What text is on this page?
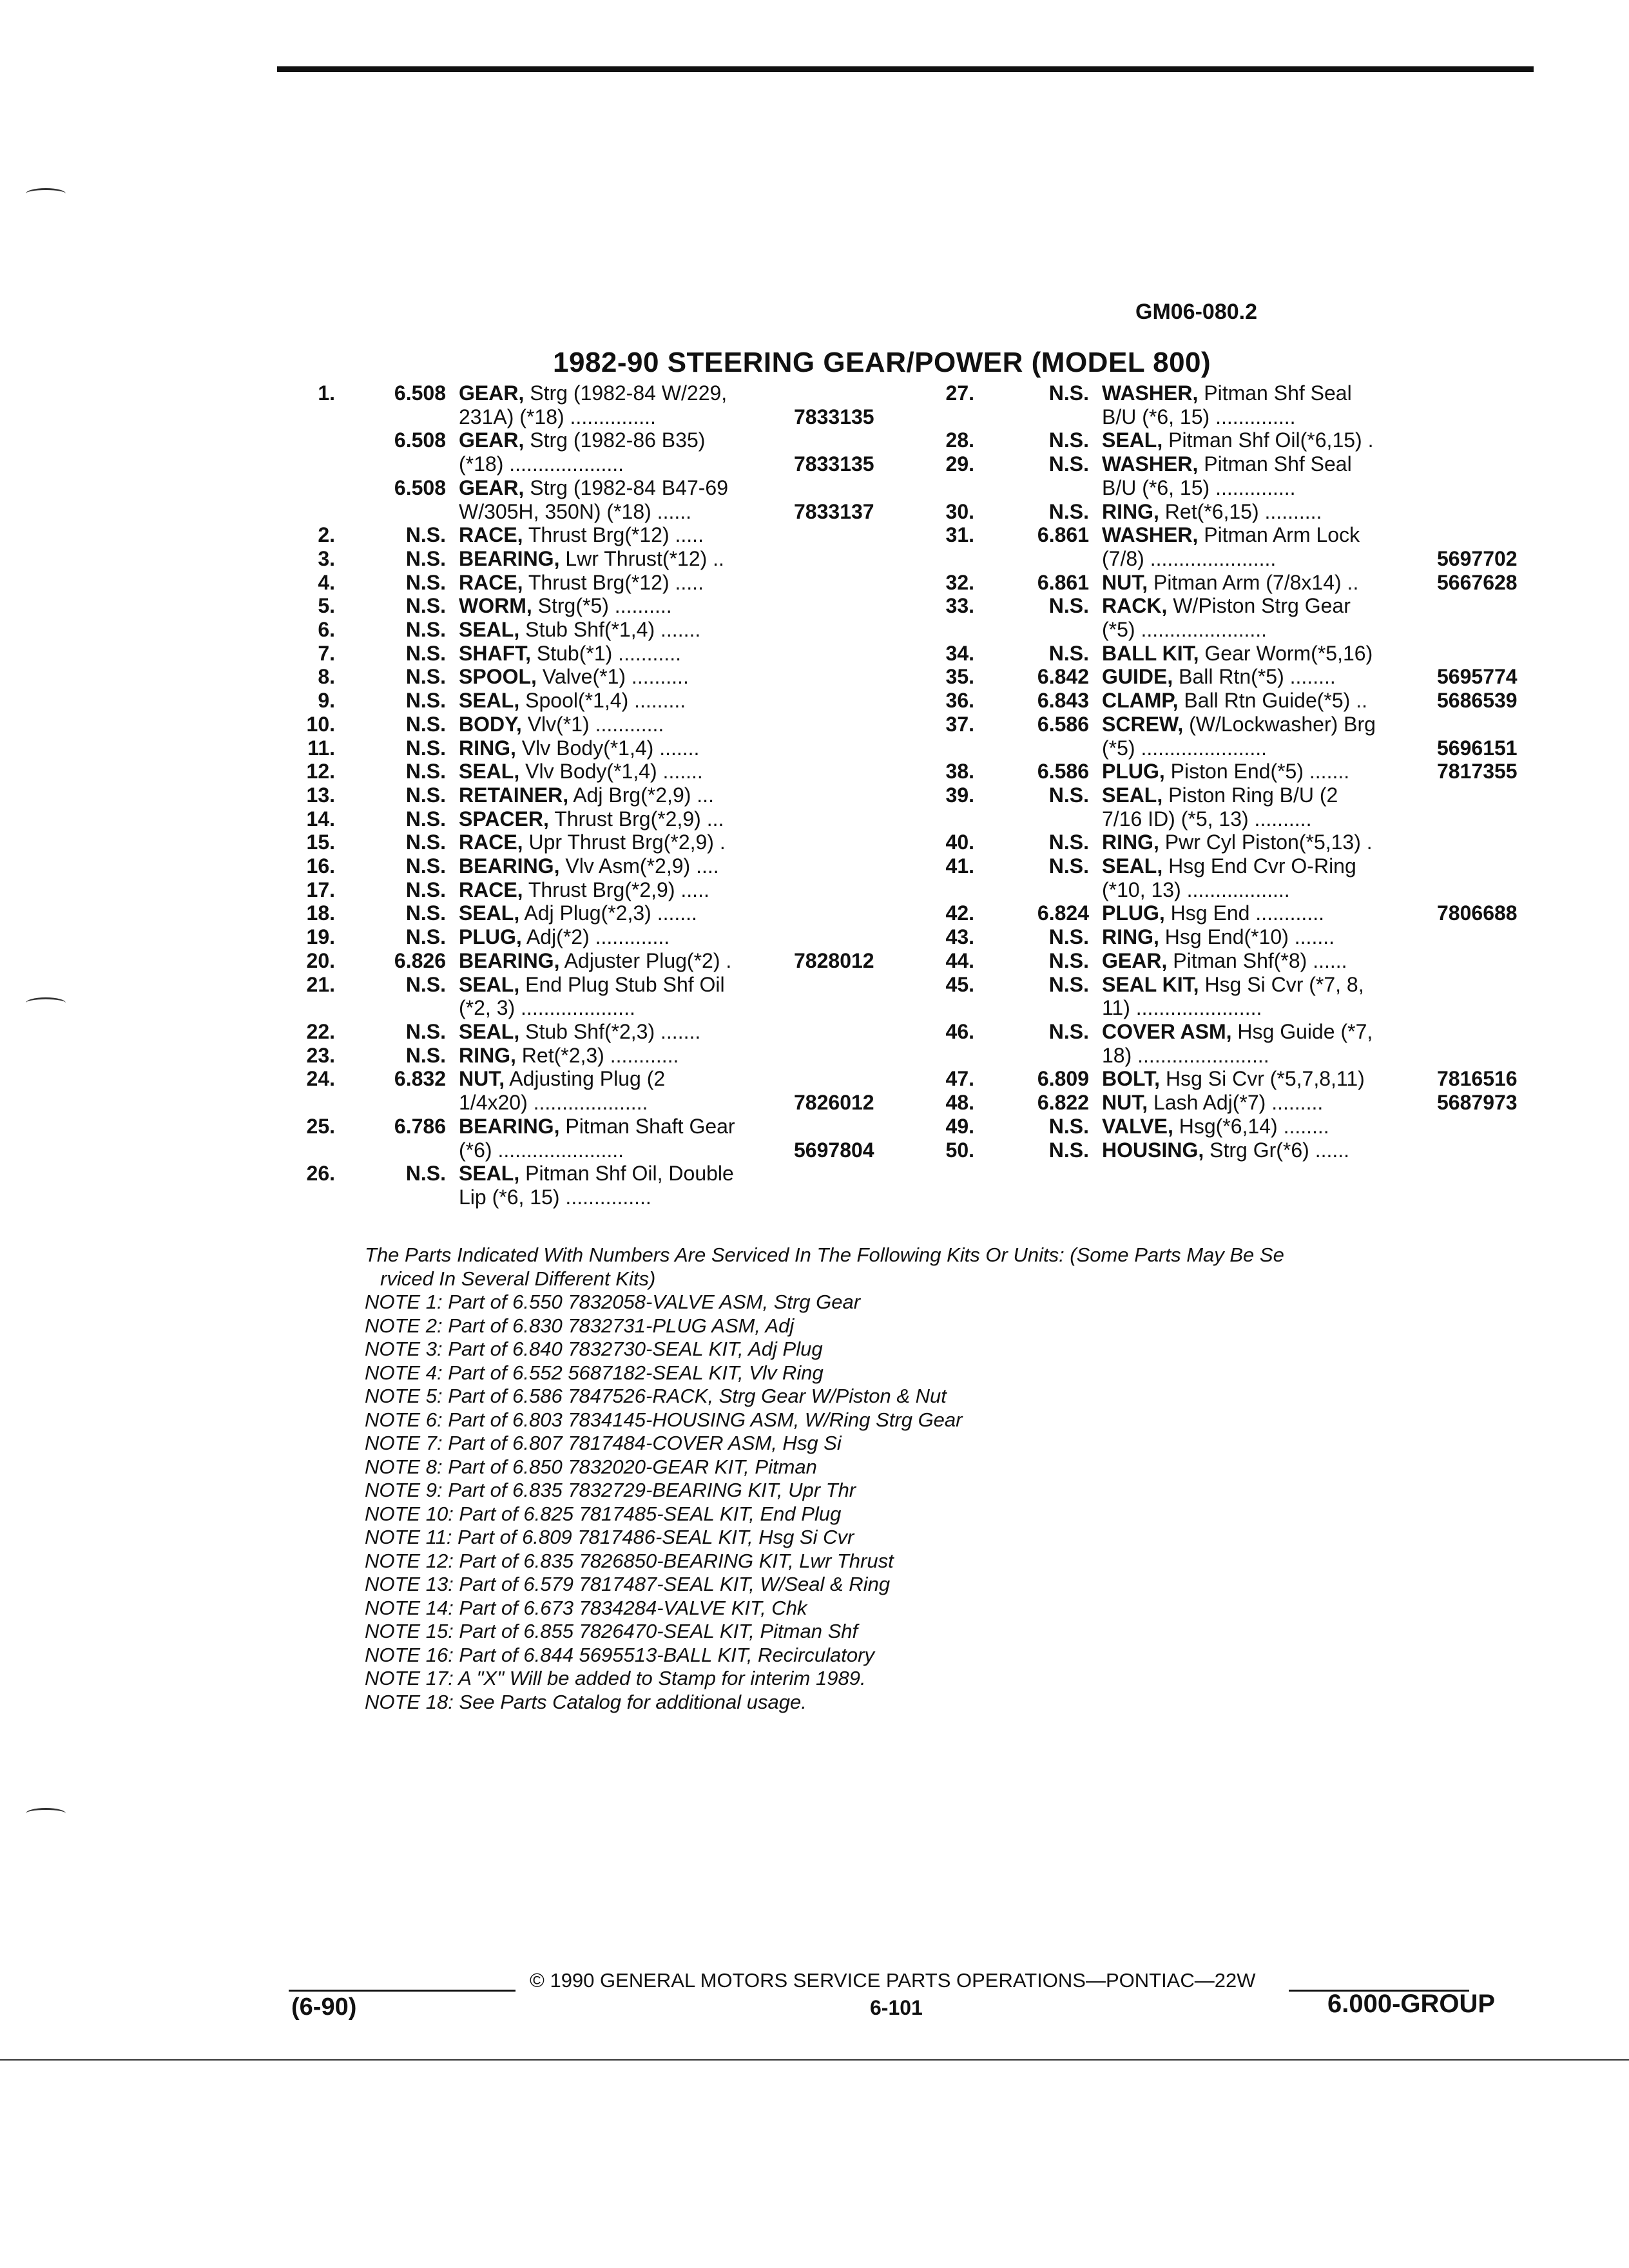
GM06-080.2
1982-90 STEERING GEAR/POWER (MODEL 800)
1.	6.508 GEAR, Strg (1982-84 W/229,
231A) (*18) ...............	7833135
6.508 GEAR, Strg (1982-86 B35)
(*18) ....................	7833135
6.508 GEAR, Strg (1982-84 B47-69
W/305H, 350N) (*18) ......	7833137
2.	N.S. RACE, Thrust Brg(*12) .....
3.	N.S. BEARING, Lwr Thrust(*12) ..
4.	N.S. RACE, Thrust Brg(*12) .....
5.	N.S. WORM, Strg(*5) ..........
6.	N.S. SEAL, Stub Shf(*1,4) .......
7.	N.S. SHAFT, Stub(*1) ...........
8.	N.S. SPOOL, Valve(*1) ..........
9.	N.S. SEAL, Spool(*1,4) .........
10.	N.S. BODY, Vlv(*1) ............
11.	N.S. RING, Vlv Body(*1,4) .......
12.	N.S. SEAL, Vlv Body(*1,4) .......
13.	N.S. RETAINER, Adj Brg(*2,9) ...
14.	N.S. SPACER, Thrust Brg(*2,9) ...
15.	N.S. RACE, Upr Thrust Brg(*2,9) .
16.	N.S. BEARING, Vlv Asm(*2,9) ....
17.	N.S. RACE, Thrust Brg(*2,9) .....
18.	N.S. SEAL, Adj Plug(*2,3) .......
19.	N.S. PLUG, Adj(*2) .............
20.	6.826 BEARING, Adjuster Plug(*2) .	7828012
21.	N.S. SEAL, End Plug Stub Shf Oil
(*2, 3) ....................
22.	N.S. SEAL, Stub Shf(*2,3) .......
23.	N.S. RING, Ret(*2,3) ............
24.	6.832 NUT, Adjusting Plug (2
1/4x20) ....................	7826012
25.	6.786 BEARING, Pitman Shaft Gear
(*6) ......................	5697804
26.	N.S. SEAL, Pitman Shf Oil, Double
Lip (*6, 15) ...............
27.	N.S. WASHER, Pitman Shf Seal
B/U (*6, 15) ..............
28.	N.S. SEAL, Pitman Shf Oil(*6,15) .
29.	N.S. WASHER, Pitman Shf Seal
B/U (*6, 15) ..............
30.	N.S. RING, Ret(*6,15) ..........
31.	6.861 WASHER, Pitman Arm Lock
(7/8) ......................	5697702
32.	6.861 NUT, Pitman Arm (7/8x14) ..	5667628
33.	N.S. RACK, W/Piston Strg Gear
(*5) ......................
34.	N.S. BALL KIT, Gear Worm(*5,16)
35.	6.842 GUIDE, Ball Rtn(*5) ........	5695774
36.	6.843 CLAMP, Ball Rtn Guide(*5) ..	5686539
37.	6.586 SCREW, (W/Lockwasher) Brg
(*5) ......................	5696151
38.	6.586 PLUG, Piston End(*5) .......	7817355
39.	N.S. SEAL, Piston Ring B/U (2
7/16 ID) (*5, 13) ..........
40.	N.S. RING, Pwr Cyl Piston(*5,13) .
41.	N.S. SEAL, Hsg End Cvr O-Ring
(*10, 13) ..................
42.	6.824 PLUG, Hsg End ............	7806688
43.	N.S. RING, Hsg End(*10) .......
44.	N.S. GEAR, Pitman Shf(*8) ......
45.	N.S. SEAL KIT, Hsg Si Cvr (*7, 8,
11) ......................
46.	N.S. COVER ASM, Hsg Guide (*7,
18) .......................
47.	6.809 BOLT, Hsg Si Cvr (*5,7,8,11)	7816516
48.	6.822 NUT, Lash Adj(*7) .........	5687973
49.	N.S. VALVE, Hsg(*6,14) ........
50.	N.S. HOUSING, Strg Gr(*6) ......
The Parts Indicated With Numbers Are Serviced In The Following Kits Or Units: (Some Parts May Be Se
rviced In Several Different Kits)
NOTE 1: Part of 6.550 7832058-VALVE ASM, Strg Gear
NOTE 2: Part of 6.830 7832731-PLUG ASM, Adj
NOTE 3: Part of 6.840 7832730-SEAL KIT, Adj Plug
NOTE 4: Part of 6.552 5687182-SEAL KIT, Vlv Ring
NOTE 5: Part of 6.586 7847526-RACK, Strg Gear W/Piston & Nut
NOTE 6: Part of 6.803 7834145-HOUSING ASM, W/Ring Strg Gear
NOTE 7: Part of 6.807 7817484-COVER ASM, Hsg Si
NOTE 8: Part of 6.850 7832020-GEAR KIT, Pitman
NOTE 9: Part of 6.835 7832729-BEARING KIT, Upr Thr
NOTE 10: Part of 6.825 7817485-SEAL KIT, End Plug
NOTE 11: Part of 6.809 7817486-SEAL KIT, Hsg Si Cvr
NOTE 12: Part of 6.835 7826850-BEARING KIT, Lwr Thrust
NOTE 13: Part of 6.579 7817487-SEAL KIT, W/Seal & Ring
NOTE 14: Part of 6.673 7834284-VALVE KIT, Chk
NOTE 15: Part of 6.855 7826470-SEAL KIT, Pitman Shf
NOTE 16: Part of 6.844 5695513-BALL KIT, Recirculatory
NOTE 17: A "X" Will be added to Stamp for interim 1989.
NOTE 18: See Parts Catalog for additional usage.
© 1990 GENERAL MOTORS SERVICE PARTS OPERATIONS—PONTIAC—22W
6-101
(6-90)	6.000-GROUP
